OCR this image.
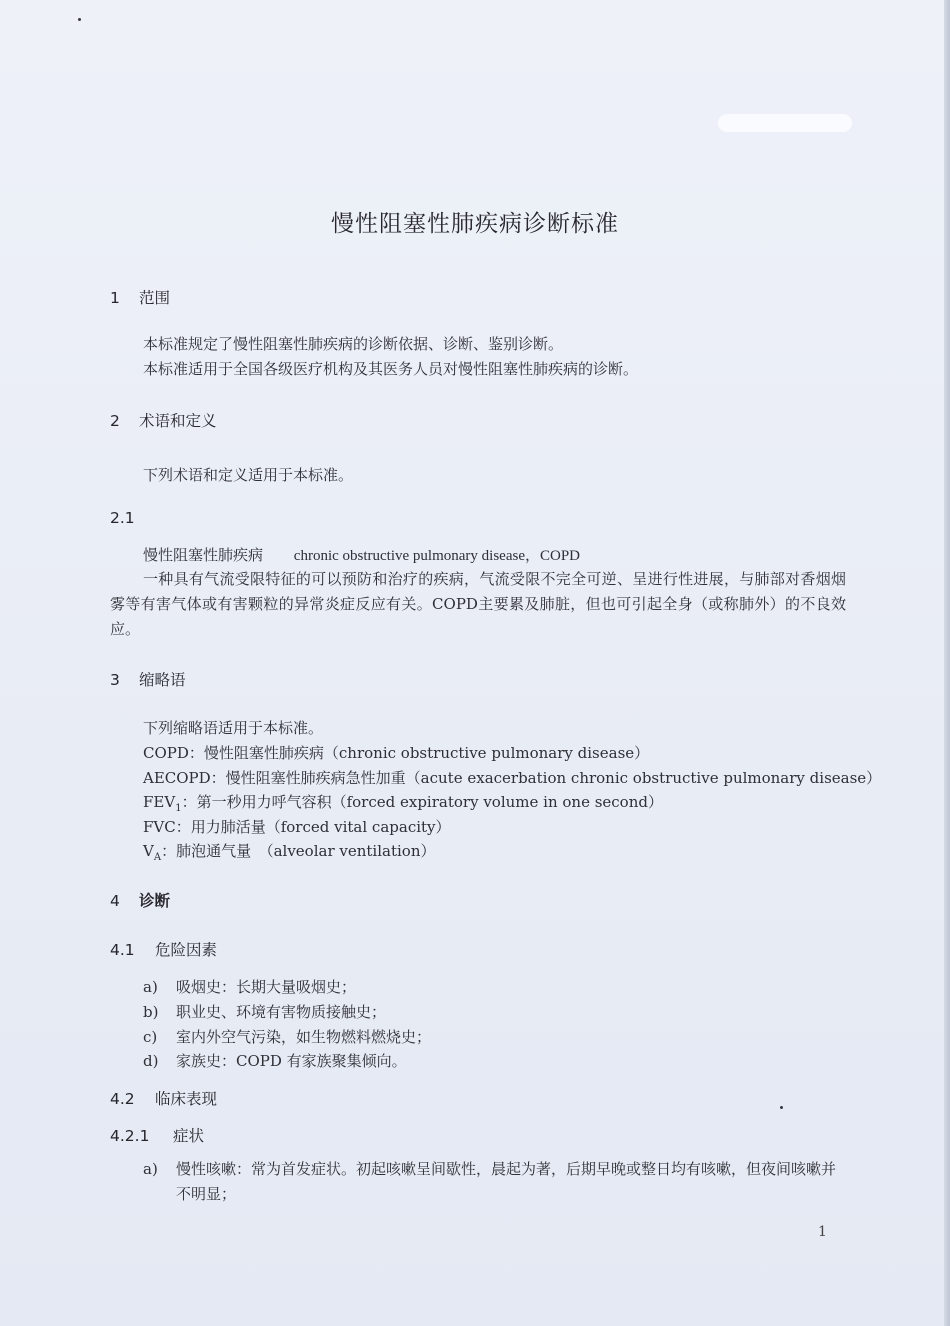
慢性阻塞性肺疾病诊断标准
1 范围
本标准规定了慢性阻塞性肺疾病的诊断依据、诊断、鉴别诊断。
本标准适用于全国各级医疗机构及其医务人员对慢性阻塞性肺疾病的诊断。
2 术语和定义
下列术语和定义适用于本标准。
2.1
慢性阻塞性肺疾病 chronic obstructive pulmonary disease，COPD
一种具有气流受限特征的可以预防和治疗的疾病，气流受限不完全可逆、呈进行性进展，与肺部对香烟烟雾等有害气体或有害颗粒的异常炎症反应有关。COPD主要累及肺脏，但也可引起全身（或称肺外）的不良效应。
3 缩略语
下列缩略语适用于本标准。
COPD：慢性阻塞性肺疾病（chronic obstructive pulmonary disease）
AECOPD：慢性阻塞性肺疾病急性加重（acute exacerbation chronic obstructive pulmonary disease）
$FEV_1$：第一秒用力呼气容积（forced expiratory volume in one second）
FVC：用力肺活量（forced vital capacity）
$V_A$：肺泡通气量　（alveolar ventilation）
4 诊断
4.1 危险因素
a) 吸烟史：长期大量吸烟史；
b) 职业史、环境有害物质接触史；
c) 室内外空气污染，如生物燃料燃烧史；
d) 家族史：COPD 有家族聚集倾向。
4.2 临床表现
4.2.1 症状
a)	慢性咳嗽：常为首发症状。初起咳嗽呈间歇性，晨起为著，后期早晚或整日均有咳嗽，但夜间咳嗽并不明显；
1
